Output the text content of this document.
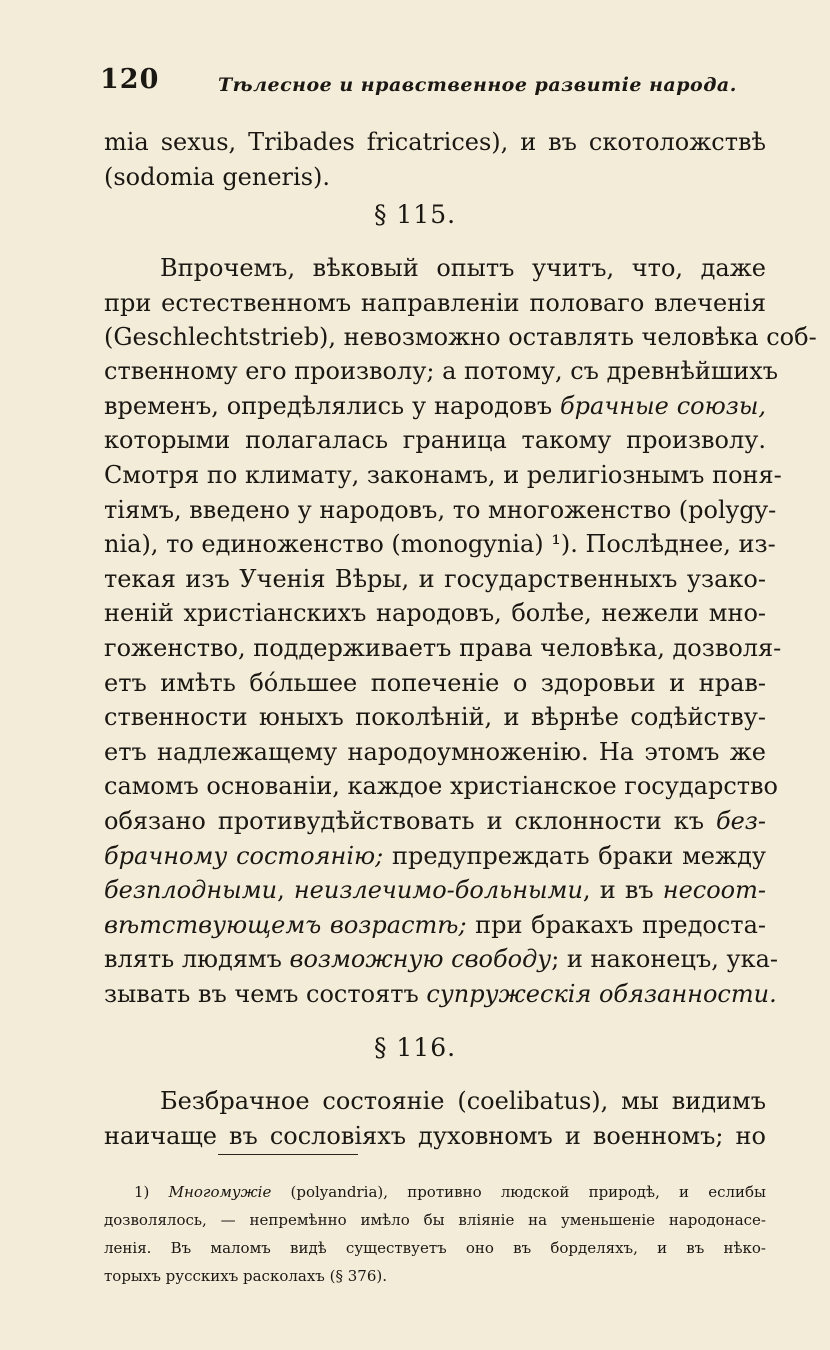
120	Тѣлесное и нравственное развитіе народа.
mia sexus, Tribades fricatrices), и въ скотоложствѣ
(sodomia generis).
§ 115.
Впрочемъ, вѣковый опытъ учитъ, что, даже
при естественномъ направленіи половаго влеченія
(Geschlechtstrieb), невозможно оставлять человѣка соб-
ственному его произволу; а потому, съ древнѣйшихъ
временъ, опредѣлялись у народовъ брачные союзы,
которыми полагалась граница такому произволу.
Смотря по климату, законамъ, и религіознымъ поня-
тіямъ, введено у народовъ, то многоженство (polygy-
nia), то единоженство (monogynia) ¹). Послѣднее, из-
текая изъ Ученія Вѣры, и государственныхъ узако-
неній христіанскихъ народовъ, болѣе, нежели мно-
гоженство, поддерживаетъ права человѣка, дозволя-
етъ имѣть бо́льшее попеченіе о здоровьи и нрав-
ственности юныхъ поколѣній, и вѣрнѣе содѣйству-
етъ надлежащему народоумноженію. На этомъ же
самомъ основаніи, каждое христіанское государство
обязано противудѣйствовать и склонности къ без-
брачному состоянію; предупреждать браки между
безплодными, неизлечимо-больными, и въ несоот-
вѣтствующемъ возрастѣ; при бракахъ предоста-
влять людямъ возможную свободу; и наконецъ, ука-
зывать въ чемъ состоятъ супружескія обязанности.
§ 116.
Безбрачное состояніе (coelibatus), мы видимъ
наичаще въ сословіяхъ духовномъ и военномъ; но
1) Многомужіе (polyandria), противно людской природѣ, и еслибы
дозволялось, — непремѣнно имѣло бы вліяніе на уменьшеніе народонасе-
ленія. Въ маломъ видѣ существуетъ оно въ борделяхъ, и въ нѣко-
торыхъ русскихъ расколахъ (§ 376).
